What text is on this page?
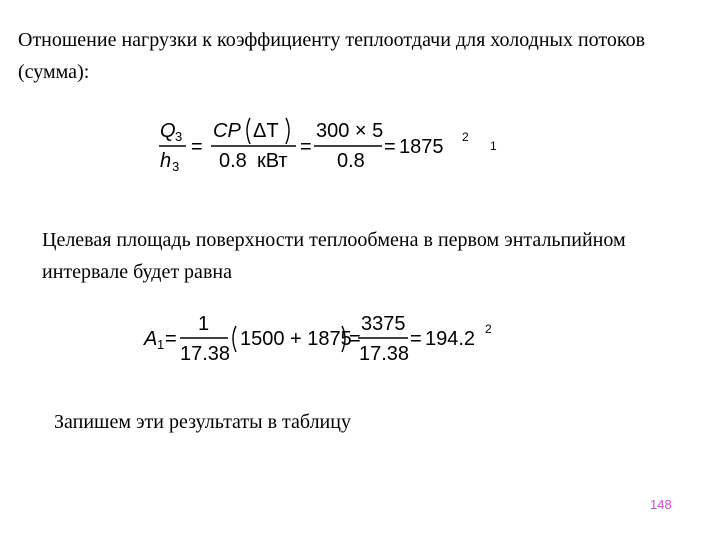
Отношение нагрузки к коэффициенту теплоотдачи для холодных потоков (сумма):
Q 3
h 3
=
CP ΔT
0.8 кВт
=
300 × 5
0.8
= 1875 2
1
Целевая площадь поверхности теплообмена в первом энтальпийном интервале будет равна
A 1 =
1
17.38
1500 + 1875
=
3375
17.38
= 194.2 2
Запишем эти результаты в таблицу
148
